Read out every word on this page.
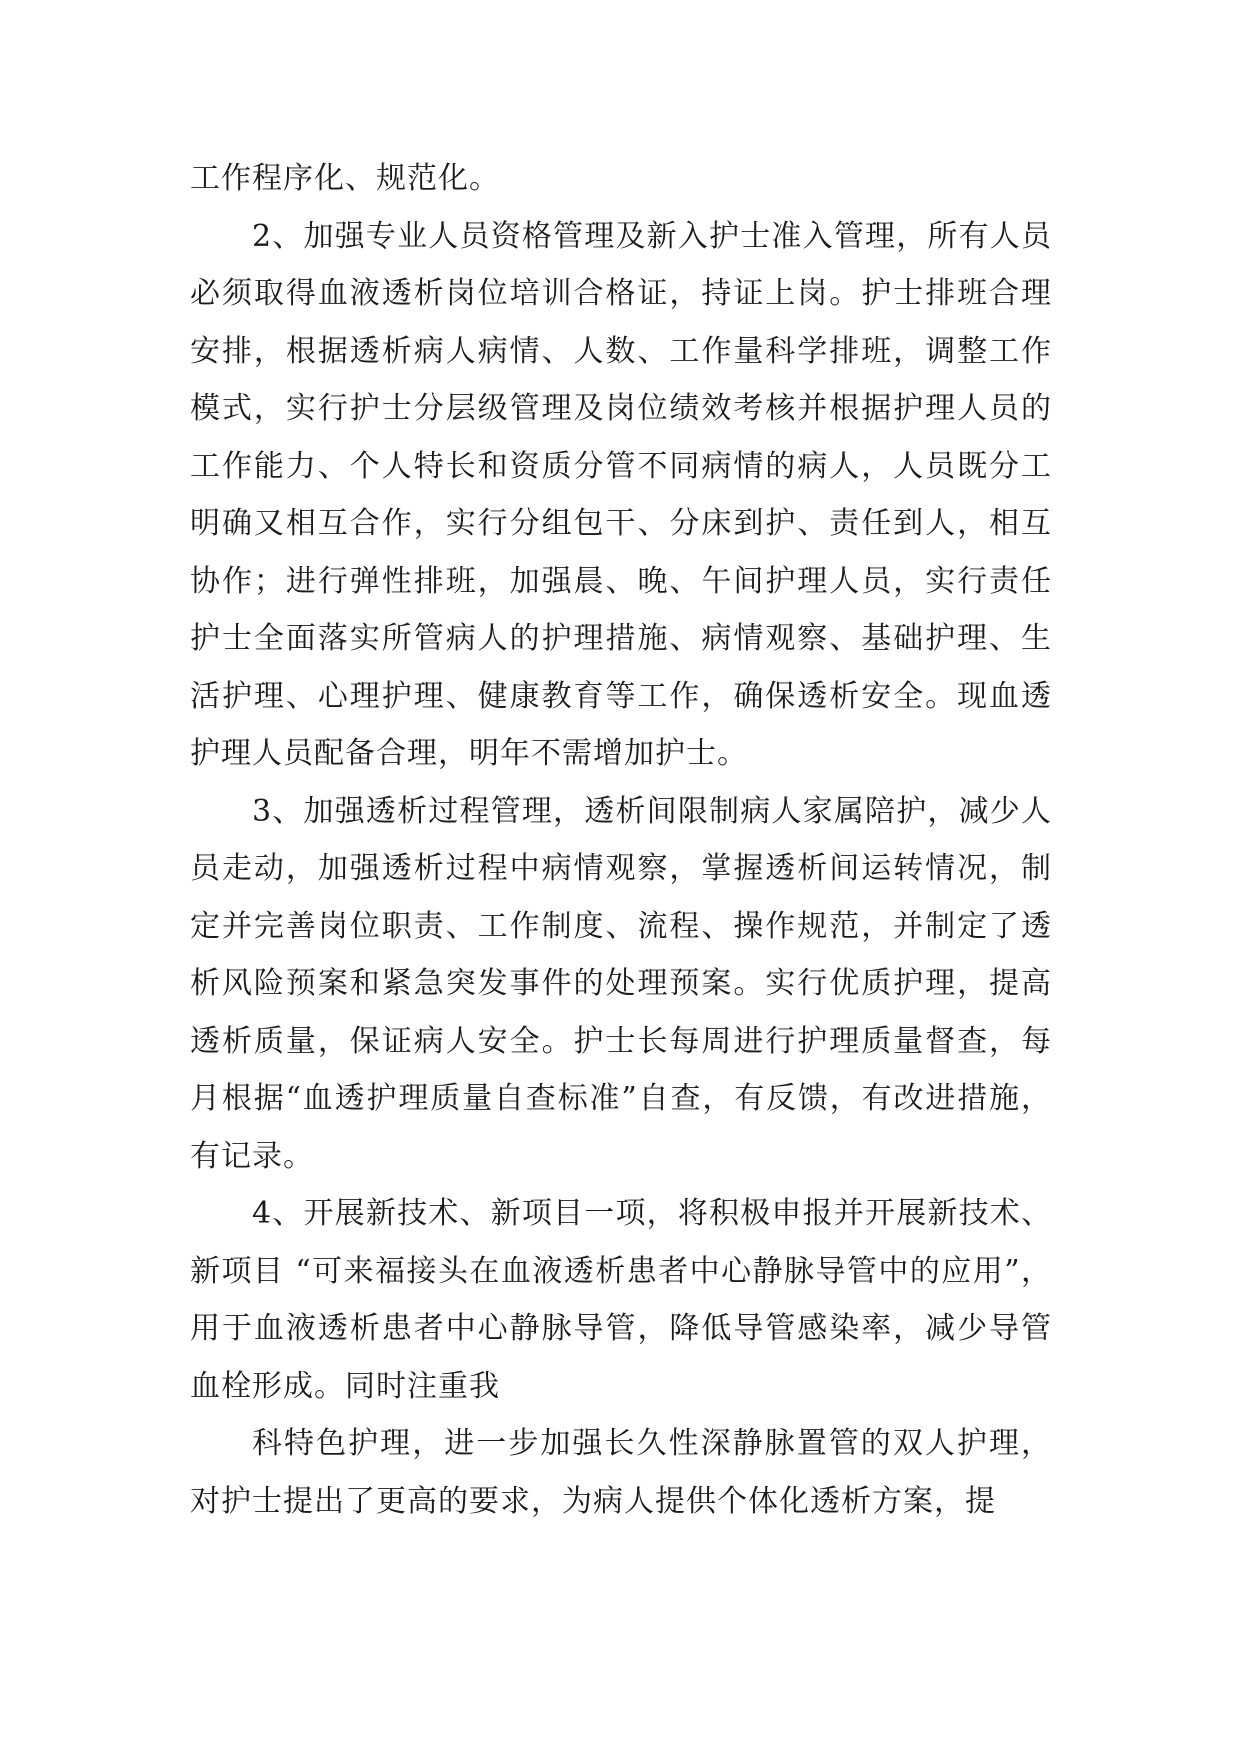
工作程序化、规范化。

2、加强专业人员资格管理及新入护士准入管理，所有人员必须取得血液透析岗位培训合格证，持证上岗。护士排班合理安排，根据透析病人病情、人数、工作量科学排班，调整工作模式，实行护士分层级管理及岗位绩效考核并根据护理人员的工作能力、个人特长和资质分管不同病情的病人，人员既分工明确又相互合作，实行分组包干、分床到护、责任到人，相互协作；进行弹性排班，加强晨、晚、午间护理人员，实行责任护士全面落实所管病人的护理措施、病情观察、基础护理、生活护理、心理护理、健康教育等工作，确保透析安全。现血透护理人员配备合理，明年不需增加护士。

3、加强透析过程管理，透析间限制病人家属陪护，减少人员走动，加强透析过程中病情观察，掌握透析间运转情况，制定并完善岗位职责、工作制度、流程、操作规范，并制定了透析风险预案和紧急突发事件的处理预案。实行优质护理，提高透析质量，保证病人安全。护士长每周进行护理质量督查，每月根据“血透护理质量自查标准”自查，有反馈，有改进措施，有记录。

4、开展新技术、新项目一项，将积极申报并开展新技术、新项目 “可来福接头在血液透析患者中心静脉导管中的应用”，用于血液透析患者中心静脉导管，降低导管感染率，减少导管血栓形成。同时注重我

科特色护理，进一步加强长久性深静脉置管的双人护理，对护士提出了更高的要求，为病人提供个体化透析方案，提
